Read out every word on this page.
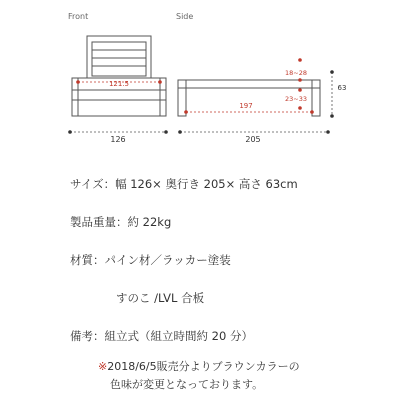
Front	Side
121.5
126
197
18~28
23~33
63
205
サイズ：幅 126× 奥行き 205× 高さ 63cm
製品重量：約 22kg
材質：パイン材／ラッカー塗装
すのこ /LVL 合板
備考：組立式（組立時間約 20 分）
※2018/6/5販売分よりブラウンカラーの
色味が変更となっております。
